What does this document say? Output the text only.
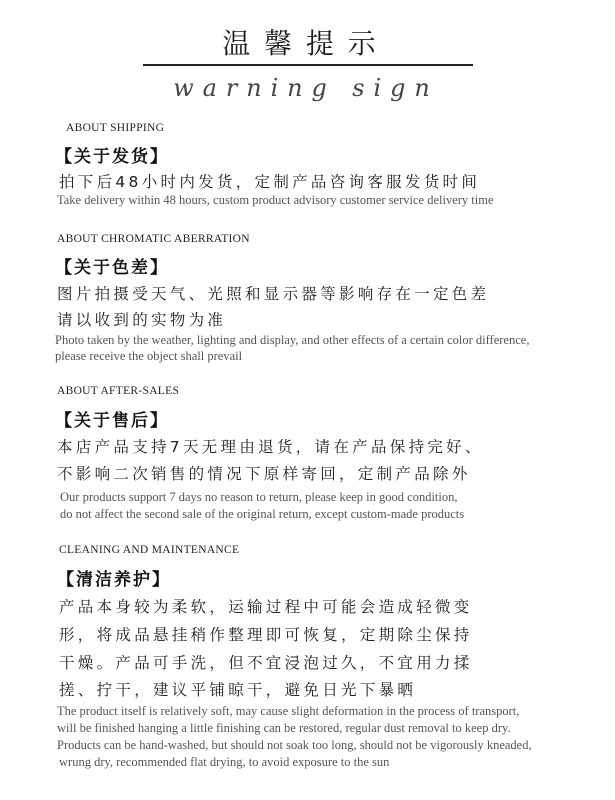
温馨提示
warning sign
ABOUT SHIPPING
【关于发货】
拍下后48小时内发货，定制产品咨询客服发货时间
Take delivery within 48 hours, custom product advisory customer service delivery time
ABOUT CHROMATIC ABERRATION
【关于色差】
图片拍摄受天气、光照和显示器等影响存在一定色差
请以收到的实物为准
Photo taken by the weather, lighting and display, and other effects of a certain color difference,
please receive the object shall prevail
ABOUT AFTER-SALES
【关于售后】
本店产品支持7天无理由退货，请在产品保持完好、
不影响二次销售的情况下原样寄回，定制产品除外
Our products support 7 days no reason to return, please keep in good condition,
do not affect the second sale of the original return, except custom-made products
CLEANING AND MAINTENANCE
【清洁养护】
产品本身较为柔软，运输过程中可能会造成轻微变
形，将成品悬挂稍作整理即可恢复，定期除尘保持
干燥。产品可手洗，但不宜浸泡过久，不宜用力揉
搓、拧干，建议平铺晾干，避免日光下暴晒
The product itself is relatively soft, may cause slight deformation in the process of transport,
will be finished hanging a little finishing can be restored, regular dust removal to keep dry.
Products can be hand-washed, but should not soak too long, should not be vigorously kneaded,
wrung dry, recommended flat drying, to avoid exposure to the sun
